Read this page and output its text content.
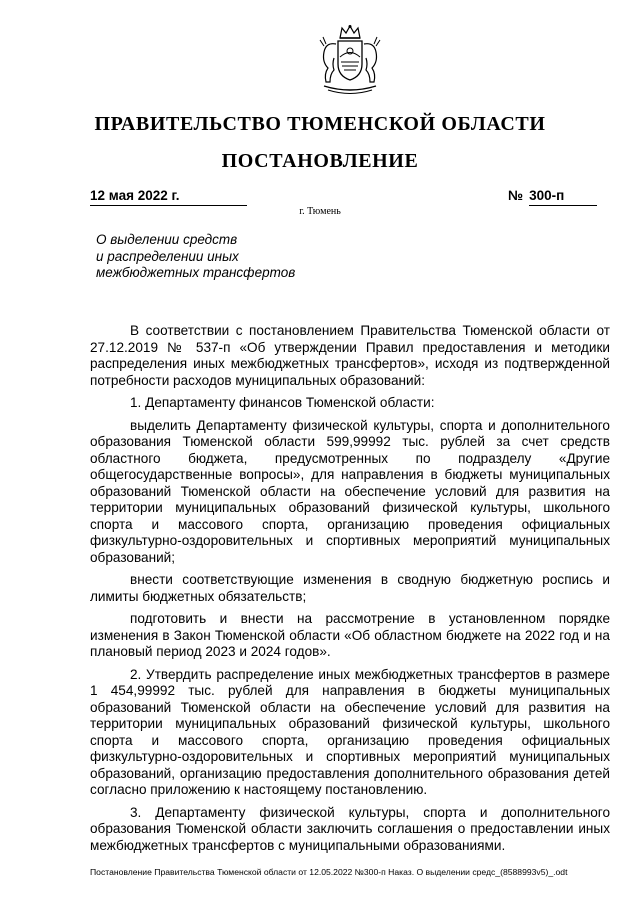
ПРАВИТЕЛЬСТВО ТЮМЕНСКОЙ ОБЛАСТИ
ПОСТАНОВЛЕНИЕ
12 мая 2022 г.	№ 300-п
г. Тюмень
О выделении средств
и распределении иных
межбюджетных трансфертов

В соответствии с постановлением Правительства Тюменской области от 27.12.2019 № 537-п «Об утверждении Правил предоставления и методики распределения иных межбюджетных трансфертов», исходя из подтвержденной потребности расходов муниципальных образований:

1. Департаменту финансов Тюменской области:

выделить Департаменту физической культуры, спорта и дополнительного образования Тюменской области 599,99992 тыс. рублей за счет средств областного бюджета, предусмотренных по подразделу «Другие общегосударственные вопросы», для направления в бюджеты муниципальных образований Тюменской области на обеспечение условий для развития на территории муниципальных образований физической культуры, школьного спорта и массового спорта, организацию проведения официальных физкультурно-оздоровительных и спортивных мероприятий муниципальных образований;

внести соответствующие изменения в сводную бюджетную роспись и лимиты бюджетных обязательств;

подготовить и внести на рассмотрение в установленном порядке изменения в Закон Тюменской области «Об областном бюджете на 2022 год и на плановый период 2023 и 2024 годов».

2. Утвердить распределение иных межбюджетных трансфертов в размере 1 454,99992 тыс. рублей для направления в бюджеты муниципальных образований Тюменской области на обеспечение условий для развития на территории муниципальных образований физической культуры, школьного спорта и массового спорта, организацию проведения официальных физкультурно-оздоровительных и спортивных мероприятий муниципальных образований, организацию предоставления дополнительного образования детей согласно приложению к настоящему постановлению.

3. Департаменту физической культуры, спорта и дополнительного образования Тюменской области заключить соглашения о предоставлении иных межбюджетных трансфертов с муниципальными образованиями.

Постановление Правительства Тюменской области от 12.05.2022 №300-п Наказ. О выделении средс_(8588993v5)_.odt
